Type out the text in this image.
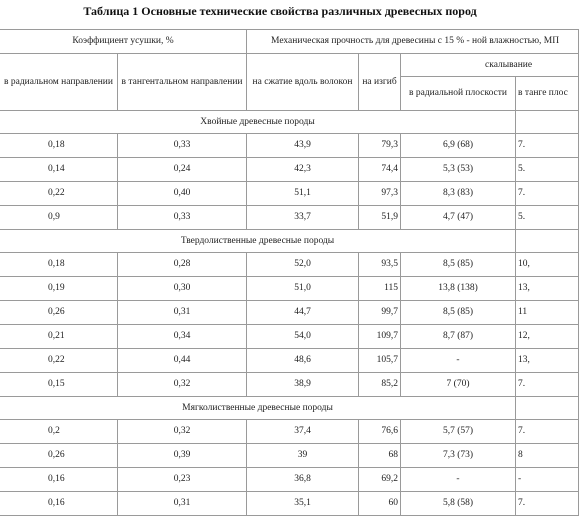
Таблица 1 Основные технические свойства различных древесных пород
Коэффициент усушки, %		Механическая прочность для древесины с 15 % - ной влажностью, МП			
в радиальном направлении	в тангентальном направлении	на сжатие вдоль волокон	на изгиб	скалывание	
				в радиальной плоскости	в танге плос
Хвойные древесные породы					
0,18	0,33	43,9	79,3	6,9 (68)	7.
0,14	0,24	42,3	74,4	5,3 (53)	5.
0,22	0,40	51,1	97,3	8,3 (83)	7.
0,9	0,33	33,7	51,9	4,7 (47)	5.
Твердолиственные древесные породы					
0,18	0,28	52,0	93,5	8,5 (85)	10,
0,19	0,30	51,0	115	13,8 (138)	13,
0,26	0,31	44,7	99,7	8,5 (85)	11
0,21	0,34	54,0	109,7	8,7 (87)	12,
0,22	0,44	48,6	105,7	-	13,
0,15	0,32	38,9	85,2	7 (70)	7.
Мягколиственные древесные породы					
0,2	0,32	37,4	76,6	5,7 (57)	7.
0,26	0,39	39	68	7,3 (73)	8
0,16	0,23	36,8	69,2	-	-
0,16	0,31	35,1	60	5,8 (58)	7.
